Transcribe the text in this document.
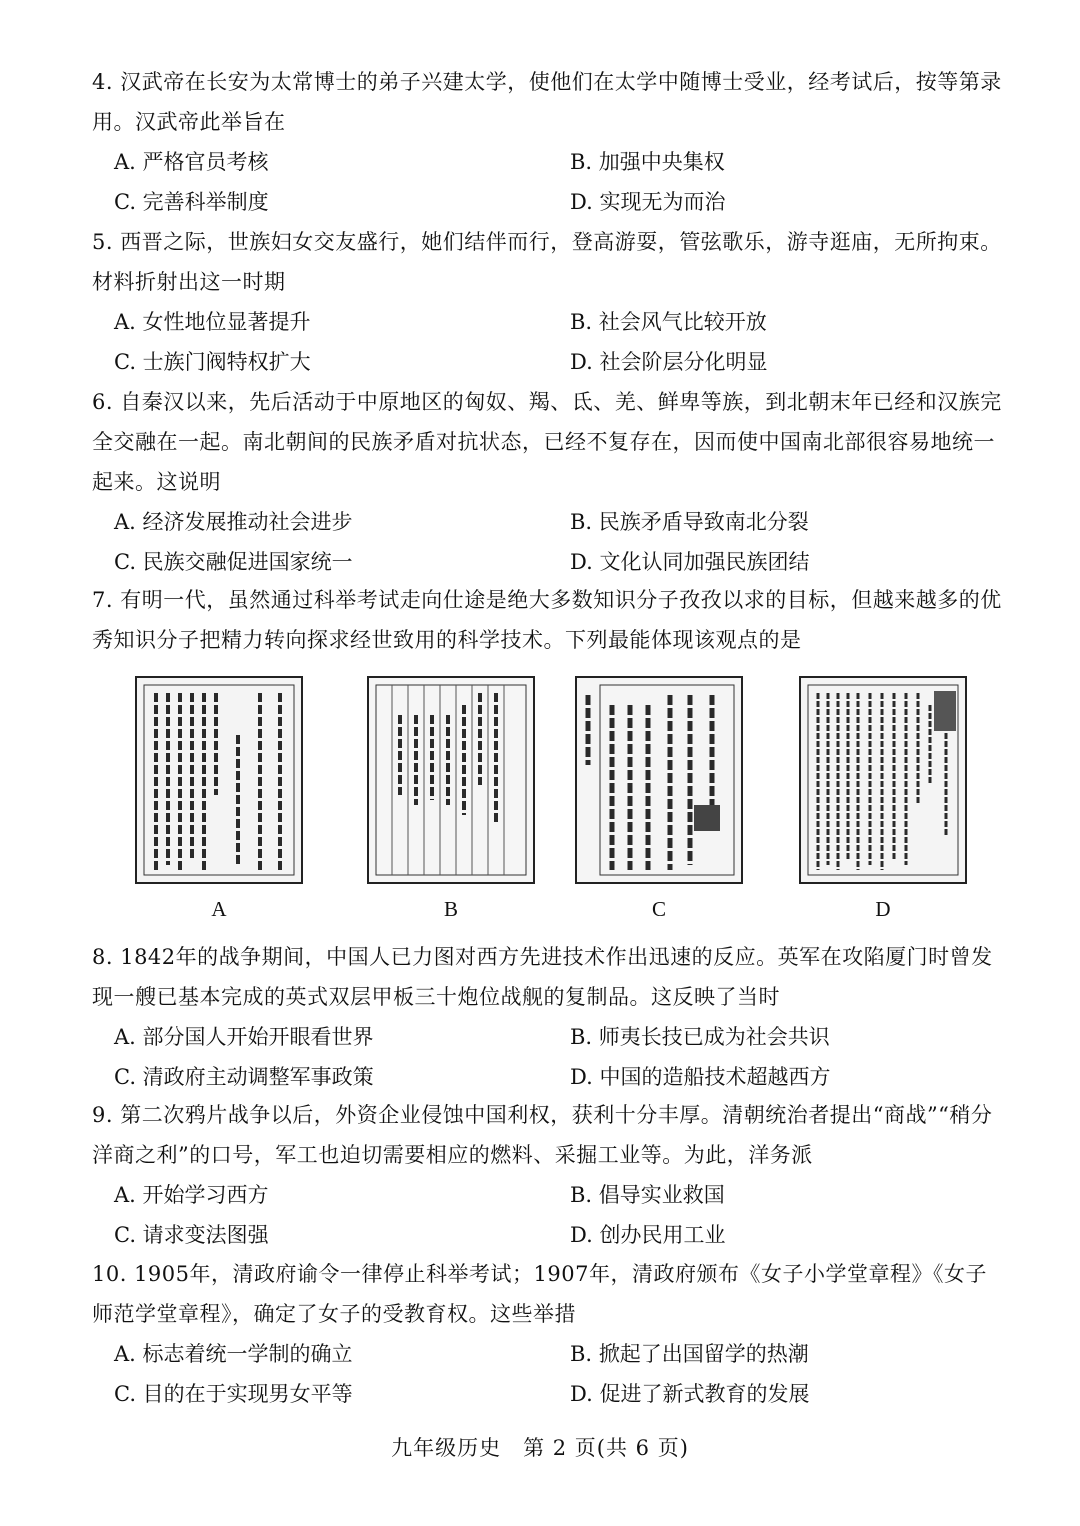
4. 汉武帝在长安为太常博士的弟子兴建太学，使他们在太学中随博士受业，经考试后，按等第录用。汉武帝此举旨在
A. 严格官员考核	B. 加强中央集权
C. 完善科举制度	D. 实现无为而治
5. 西晋之际，世族妇女交友盛行，她们结伴而行，登高游耍，管弦歌乐，游寺逛庙，无所拘束。材料折射出这一时期
A. 女性地位显著提升	B. 社会风气比较开放
C. 士族门阀特权扩大	D. 社会阶层分化明显
6. 自秦汉以来，先后活动于中原地区的匈奴、羯、氐、羌、鲜卑等族，到北朝末年已经和汉族完全交融在一起。南北朝间的民族矛盾对抗状态，已经不复存在，因而使中国南北部很容易地统一起来。这说明
A. 经济发展推动社会进步	B. 民族矛盾导致南北分裂
C. 民族交融促进国家统一	D. 文化认同加强民族团结
7. 有明一代，虽然通过科举考试走向仕途是绝大多数知识分子孜孜以求的目标，但越来越多的优秀知识分子把精力转向探求经世致用的科学技术。下列最能体现该观点的是
A	B	C	D
8. 1842年的战争期间，中国人已力图对西方先进技术作出迅速的反应。英军在攻陷厦门时曾发现一艘已基本完成的英式双层甲板三十炮位战舰的复制品。这反映了当时
A. 部分国人开始开眼看世界	B. 师夷长技已成为社会共识
C. 清政府主动调整军事政策	D. 中国的造船技术超越西方
9. 第二次鸦片战争以后，外资企业侵蚀中国利权，获利十分丰厚。清朝统治者提出“商战”“稍分洋商之利”的口号，军工也迫切需要相应的燃料、采掘工业等。为此，洋务派
A. 开始学习西方	B. 倡导实业救国
C. 请求变法图强	D. 创办民用工业
10. 1905年，清政府谕令一律停止科举考试；1907年，清政府颁布《女子小学堂章程》《女子师范学堂章程》，确定了女子的受教育权。这些举措
A. 标志着统一学制的确立	B. 掀起了出国留学的热潮
C. 目的在于实现男女平等	D. 促进了新式教育的发展
九年级历史　第 2 页(共 6 页)
